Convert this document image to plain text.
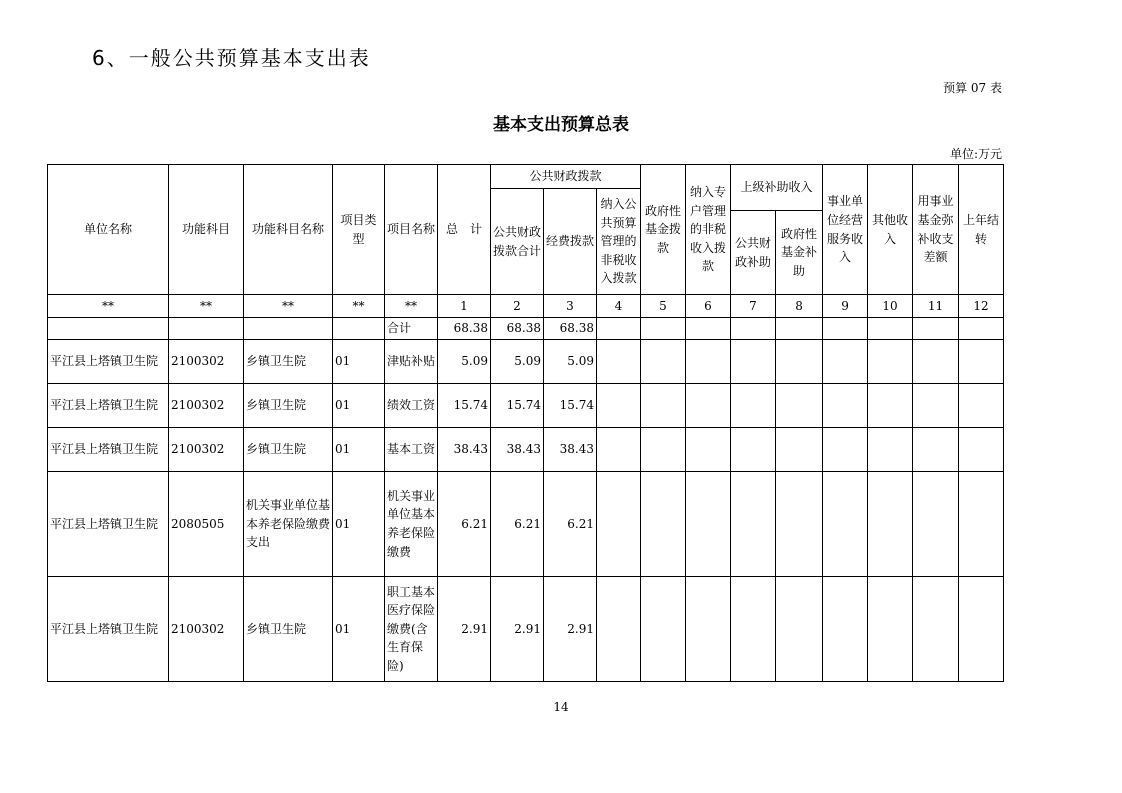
6、一般公共预算基本支出表
预算 07 表
基本支出预算总表
单位:万元
单位名称	功能科目	功能科目名称	项目类型	项目名称	总　计	公共财政拨款			政府性基金拨款	纳入专户管理的非税收入拨款	上级补助收入		事业单位经营服务收入	其他收入	用事业基金弥补收支差额	上年结转
						公共财政拨款合计	经费拨款	纳入公共预算管理的非税收入拨款								
											公共财政补助	政府性基金补助				
**	**	**	**	**	1	2	3	4	5	6	7	8	9	10	11	12
				合计	68.38	68.38	68.38									
平江县上塔镇卫生院	2100302	乡镇卫生院	01	津贴补贴	5.09	5.09	5.09									
平江县上塔镇卫生院	2100302	乡镇卫生院	01	绩效工资	15.74	15.74	15.74									
平江县上塔镇卫生院	2100302	乡镇卫生院	01	基本工资	38.43	38.43	38.43									
平江县上塔镇卫生院	2080505	机关事业单位基本养老保险缴费支出	01	机关事业单位基本养老保险缴费	6.21	6.21	6.21									
平江县上塔镇卫生院	2100302	乡镇卫生院	01	职工基本医疗保险缴费(含生育保险)	2.91	2.91	2.91									
14
